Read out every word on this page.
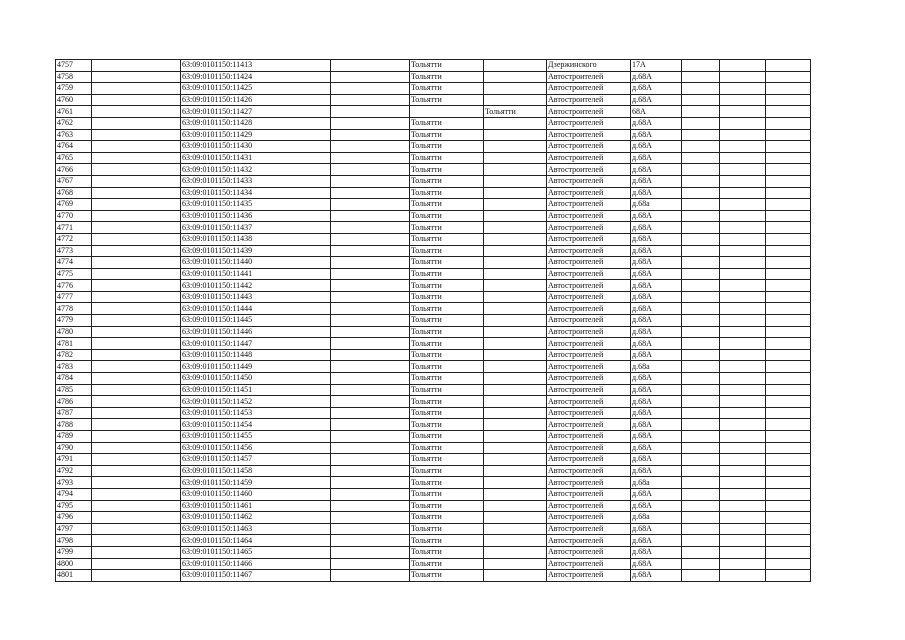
4757		63:09:0101150:11413		Тольятти		Дзержинского	17А			
4758		63:09:0101150:11424		Тольятти		Автостроителей	д.68А			
4759		63:09:0101150:11425		Тольятти		Автостроителей	д.68А			
4760		63:09:0101150:11426		Тольятти		Автостроителей	д.68А			
4761		63:09:0101150:11427			Тольятти	Автостроителей	68А			
4762		63:09:0101150:11428		Тольятти		Автостроителей	д.68А			
4763		63:09:0101150:11429		Тольятти		Автостроителей	д.68А			
4764		63:09:0101150:11430		Тольятти		Автостроителей	д.68А			
4765		63:09:0101150:11431		Тольятти		Автостроителей	д.68А			
4766		63:09:0101150:11432		Тольятти		Автостроителей	д.68А			
4767		63:09:0101150:11433		Тольятти		Автостроителей	д.68А			
4768		63:09:0101150:11434		Тольятти		Автостроителей	д.68А			
4769		63:09:0101150:11435		Тольятти		Автостроителей	д.68а			
4770		63:09:0101150:11436		Тольятти		Автостроителей	д.68А			
4771		63:09:0101150:11437		Тольятти		Автостроителей	д.68А			
4772		63:09:0101150:11438		Тольятти		Автостроителей	д.68А			
4773		63:09:0101150:11439		Тольятти		Автостроителей	д.68А			
4774		63:09:0101150:11440		Тольятти		Автостроителей	д.68А			
4775		63:09:0101150:11441		Тольятти		Автостроителей	д.68А			
4776		63:09:0101150:11442		Тольятти		Автостроителей	д.68А			
4777		63:09:0101150:11443		Тольятти		Автостроителей	д.68А			
4778		63:09:0101150:11444		Тольятти		Автостроителей	д.68А			
4779		63:09:0101150:11445		Тольятти		Автостроителей	д.68А			
4780		63:09:0101150:11446		Тольятти		Автостроителей	д.68А			
4781		63:09:0101150:11447		Тольятти		Автостроителей	д.68А			
4782		63:09:0101150:11448		Тольятти		Автостроителей	д.68А			
4783		63:09:0101150:11449		Тольятти		Автостроителей	д.68а			
4784		63:09:0101150:11450		Тольятти		Автостроителей	д.68А			
4785		63:09:0101150:11451		Тольятти		Автостроителей	д.68А			
4786		63:09:0101150:11452		Тольятти		Автостроителей	д.68А			
4787		63:09:0101150:11453		Тольятти		Автостроителей	д.68А			
4788		63:09:0101150:11454		Тольятти		Автостроителей	д.68А			
4789		63:09:0101150:11455		Тольятти		Автостроителей	д.68А			
4790		63:09:0101150:11456		Тольятти		Автостроителей	д.68А			
4791		63:09:0101150:11457		Тольятти		Автостроителей	д.68А			
4792		63:09:0101150:11458		Тольятти		Автостроителей	д.68А			
4793		63:09:0101150:11459		Тольятти		Автостроителей	д.68а			
4794		63:09:0101150:11460		Тольятти		Автостроителей	д.68А			
4795		63:09:0101150:11461		Тольятти		Автостроителей	д.68А			
4796		63:09:0101150:11462		Тольятти		Автостроителей	д.68а			
4797		63:09:0101150:11463		Тольятти		Автостроителей	д.68А			
4798		63:09:0101150:11464		Тольятти		Автостроителей	д.68А			
4799		63:09:0101150:11465		Тольятти		Автостроителей	д.68А			
4800		63:09:0101150:11466		Тольятти		Автостроителей	д.68А			
4801		63:09:0101150:11467		Тольятти		Автостроителей	д.68А			
